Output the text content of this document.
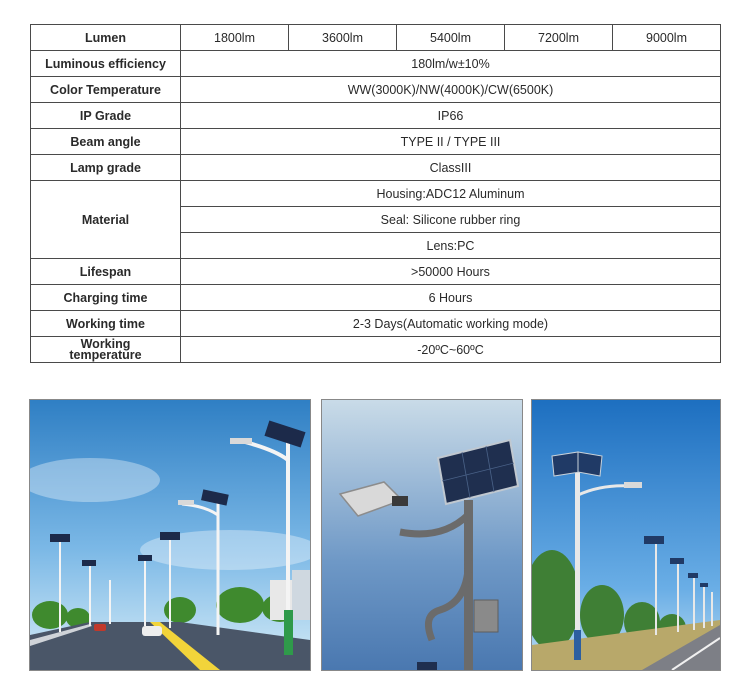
Lumen	1800lm	3600lm	5400lm	7200lm	9000lm
Luminous efficiency	180lm/w±10%				
Color Temperature	WW(3000K)/NW(4000K)/CW(6500K)				
IP Grade	IP66				
Beam angle	TYPE II / TYPE III				
Lamp grade	ClassIII				
Material	Housing:ADC12 Aluminum				
	Seal: Silicone rubber ring				
	Lens:PC				
Lifespan	>50000 Hours				
Charging time	6 Hours				
Working time	2-3 Days(Automatic working mode)				
Working
temperature	-20ºC~60ºC				
